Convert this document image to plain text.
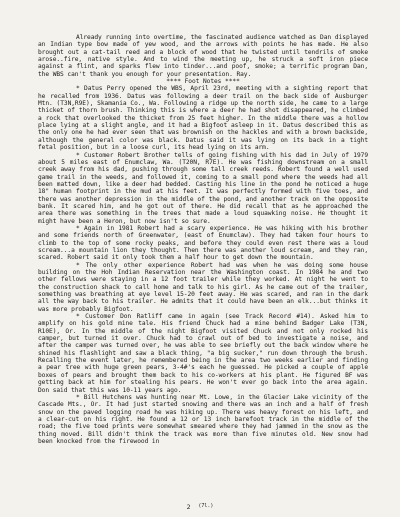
Already running into overtime, the fascinated audience watched as Dan displayed an Indian type bow made of yew wood, and the arrows with points he has made. He also brought out a cat-tail reed and a block of wood that he twisted until tendrils of smoke arose..fire, native style. And to wind the meeting up, he struck a soft iron piece against a flint, and sparks flew into tinder...and poof, smoke; a terrific program Dan, the WBS can't thank you enough for your presentation. Ray.

**** Foot Notes ****

* Datus Perry opened the WBS, April 23rd, meeting with a sighting report that he recalled from 1936. Datus was following a deer trail on the back side of Ausburger Mtn. (T3N,R9E), Skamania Co., Wa. Following a ridge up the north side, he came to a large thicket of thorn brush. Thinking this is where a deer he had shot disappeared, he climbed a rock that overlooked the thicket from 25 feet higher. In the middle there was a hollow place lying at a slight angle, and it had a Bigfoot asleep in it. Datus described this as the only one he had ever seen that was brownish on the hackles and with a brown backside, although the general color was black. Datus said it was lying on its back in a tight fetal position, but in a loose curl, its head lying on its arm.

* Customer Robert Brother tells of going fishing with his dad in July of 1979 about 5 miles east of Enumclaw, Wa. (T20N, R7E). He was fishing downstream on a small creek away from his dad, pushing through some tall creek reeds. Robert found a well used game trail in the weeds, and followed it, coming to a small pond where the weeds had all been matted down, like a deer had bedded. Casting his line in the pond he noticed a huge 18" human footprint in the mud at his feet. It was perfectly formed with five toes, and there was another depression in the middle of the pond, and another track on the opposite bank. It scared him, and he got out of there. He did recall that as he approached the area there was something in the trees that made a loud squawking noise. He thought it might have been a Heron, but now isn't so sure.

* Again in 1981 Robert had a scary experience. He was hiking with his brother and some friends north of Greenwater, (east of Enumclaw). They had taken four hours to climb to the top of some rocky peaks, and before they could even rest there was a loud scream...a mountain lion they thought. Then there was another loud scream, and they ran, scared. Robert said it only took them a half hour to get down the mountain.

* The only other experience Robert had was when he was doing some house building on the Hoh Indian Reservation near the Washington coast. In 1984 he and two other fellows were staying in a 12 foot trailer while they worked. At night he went to the construction shack to call home and talk to his girl. As he came out of the trailer, something was breathing at eye level 15-20 feet away. He was scared, and ran in the dark all the way back to his trailer. He admits that it could have been an elk...but thinks it was more probably Bigfoot.

* Customer Don Ratliff came in again (see Track Record #14). Asked him to amplify on his gold mine tale. His friend Chuck had a mine behind Badger Lake (T3N, R10E), Or. In the middle of the night Bigfoot visited Chuck and not only rocked his camper, but turned it over. Chuck had to crawl out of bed to investigate a noise, and after the camper was turned over, he was able to see briefly out the back window where he shined his flashlight and saw a black thing, "a big sucker," run down through the brush. Recalling the event later, he remembered being in the area two weeks earlier and finding a pear tree with huge green pears, 3-4#'s each he guessed. He picked a couple of apple boxes of pears and brought them back to his co-workers at his plant. He figured BF was getting back at him for stealing his pears. He won't ever go back into the area again. Don said that this was 10-11 years ago.

* Bill Hutchens was hunting near Mt. Lowe, in the Glacier Lake vicinity of the Cascade Mts., Or. It had just started snowing and there was an inch and a half of fresh snow on the paved logging road he was hiking up. There was heavy forest on his left, and a clear-cut on his right. He found a 12 or 13 inch barefoot track in the middle of the road; the five toed prints were somewhat smeared where they had jammed in the snow as the thing moved. Bill didn't think the track was more than five minutes old. New snow had been knocked from the firewood in

2 $^{(7l.)}$
